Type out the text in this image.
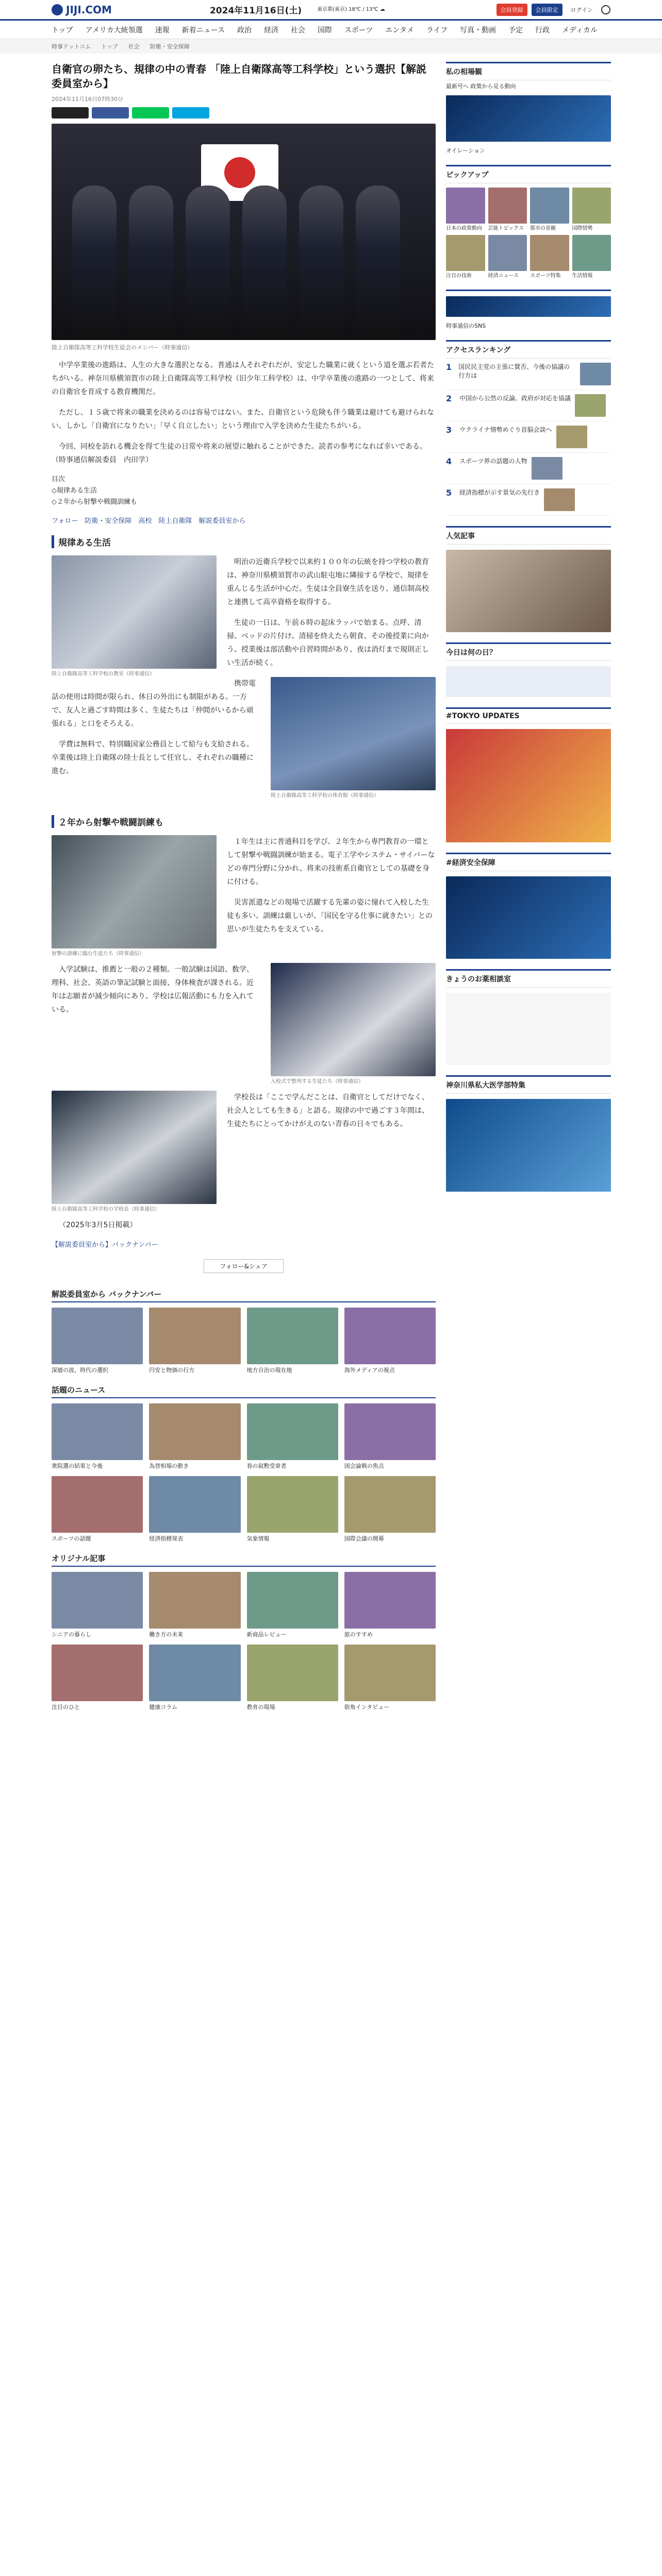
JIJI.COM	2024年11月16日(土)	東京都(東京) 18℃ / 13℃ ☁	会員登録	会員限定	ログイン
トップ アメリカ大統領選 速報 新着ニュース 政治 経済 社会 国際 スポーツ エンタメ ライフ 写真・動画 予定 行政 メディカル
時事ドットコム トップ 社会 防衛・安全保障
自衛官の卵たち、規律の中の青春 「陸上自衛隊高等工科学校」という選択【解説委員室から】
2024年11月16日07時30分
陸上自衛隊高等工科学校生徒会のメンバー（時事通信）

中学卒業後の進路は、人生の大きな選択となる。普通は人それぞれだが、安定した職業に就くという道を選ぶ若者たちがいる。神奈川県横須賀市の陸上自衛隊高等工科学校（旧少年工科学校）は、中学卒業後の進路の一つとして、将来の自衛官を育成する教育機関だ。

ただし、１５歳で将来の職業を決めるのは容易ではない。また、自衛官という危険も伴う職業は避けても避けられない。しかし「自衛官になりたい」「早く自立したい」という理由で入学を決めた生徒たちがいる。

今回、同校を訪れる機会を得て生徒の日常や将来の展望に触れることができた。読者の参考になれば幸いである。（時事通信解説委員　内田学）

目次
◇規律ある生活
◇２年から射撃や戦闘訓練も
フォロー　防衛・安全保障　高校　陸上自衛隊　解説委員室から
規律ある生活
陸上自衛隊高等工科学校の教室（時事通信）

明治の近衛兵学校で以来約１００年の伝統を持つ学校の教育は、神奈川県横須賀市の武山駐屯地に隣接する学校で、規律を重んじる生活が中心だ。生徒は全員寮生活を送り、通信制高校と連携して高卒資格を取得する。

生徒の一日は、午前６時の起床ラッパで始まる。点呼、清掃、ベッドの片付け。清掃を終えたら朝食、その後授業に向かう。授業後は部活動や自習時間があり、夜は消灯まで規則正しい生活が続く。

陸上自衛隊高等工科学校の体育館（時事通信）

携帯電話の使用は時間が限られ、休日の外出にも制限がある。一方で、友人と過ごす時間は多く、生徒たちは「仲間がいるから頑張れる」と口をそろえる。

学費は無料で、特別職国家公務員として給与も支給される。卒業後は陸上自衛隊の陸士長として任官し、それぞれの職種に進む。

２年から射撃や戦闘訓練も
射撃の訓練に臨む生徒たち（時事通信）

１年生は主に普通科目を学び、２年生から専門教育の一環として射撃や戦闘訓練が始まる。電子工学やシステム・サイバーなどの専門分野に分かれ、将来の技術系自衛官としての基礎を身に付ける。

災害派遣などの現場で活躍する先輩の姿に憧れて入校した生徒も多い。訓練は厳しいが、「国民を守る仕事に就きたい」との思いが生徒たちを支えている。

入校式で整列する生徒たち（時事通信）

入学試験は、推薦と一般の２種類。一般試験は国語、数学、理科、社会、英語の筆記試験と面接、身体検査が課される。近年は志願者が減少傾向にあり、学校は広報活動にも力を入れている。

陸上自衛隊高等工科学校の学校長（時事通信）

学校長は「ここで学んだことは、自衛官としてだけでなく、社会人としても生きる」と語る。規律の中で過ごす３年間は、生徒たちにとってかけがえのない青春の日々でもある。

（2025年3月5日掲載）

【解説委員室から】バックナンバー
フォロー&シェア
解説委員室から バックナンバー
深層の波、時代の選択	円安と物価の行方	地方自治の現在地	海外メディアの視点
話題のニュース
衆院選の結果と今後	為替相場の動き	春の叙勲受章者	国会論戦の焦点
スポーツの話題	経済指標発表	気象情報	国際会議の開幕
オリジナル記事
シニアの暮らし	働き方の未来	新商品レビュー	旅のすすめ
注目のひと	健康コラム	教育の現場	街角インタビュー
私の相場観
最新号へ 政策から見る動向
オイレーション
ピックアップ
日本の政策動向	芸能トピックス	都市の景観	国際情勢
注目の技術	経済ニュース	スポーツ特集	生活情報
時事通信のSNS
アクセスランキング
1	国民民主党の主張に賛否、今後の協議の行方は
2	中国から公然の反論、政府が対応を協議
3	ウクライナ情勢めぐり首脳会談へ
4	スポーツ界の話題の人物
5	経済指標が示す景気の先行き
人気記事
今日は何の日？
#TOKYO UPDATES
#経済安全保障
きょうのお薬相談室
神奈川県私大医学部特集
